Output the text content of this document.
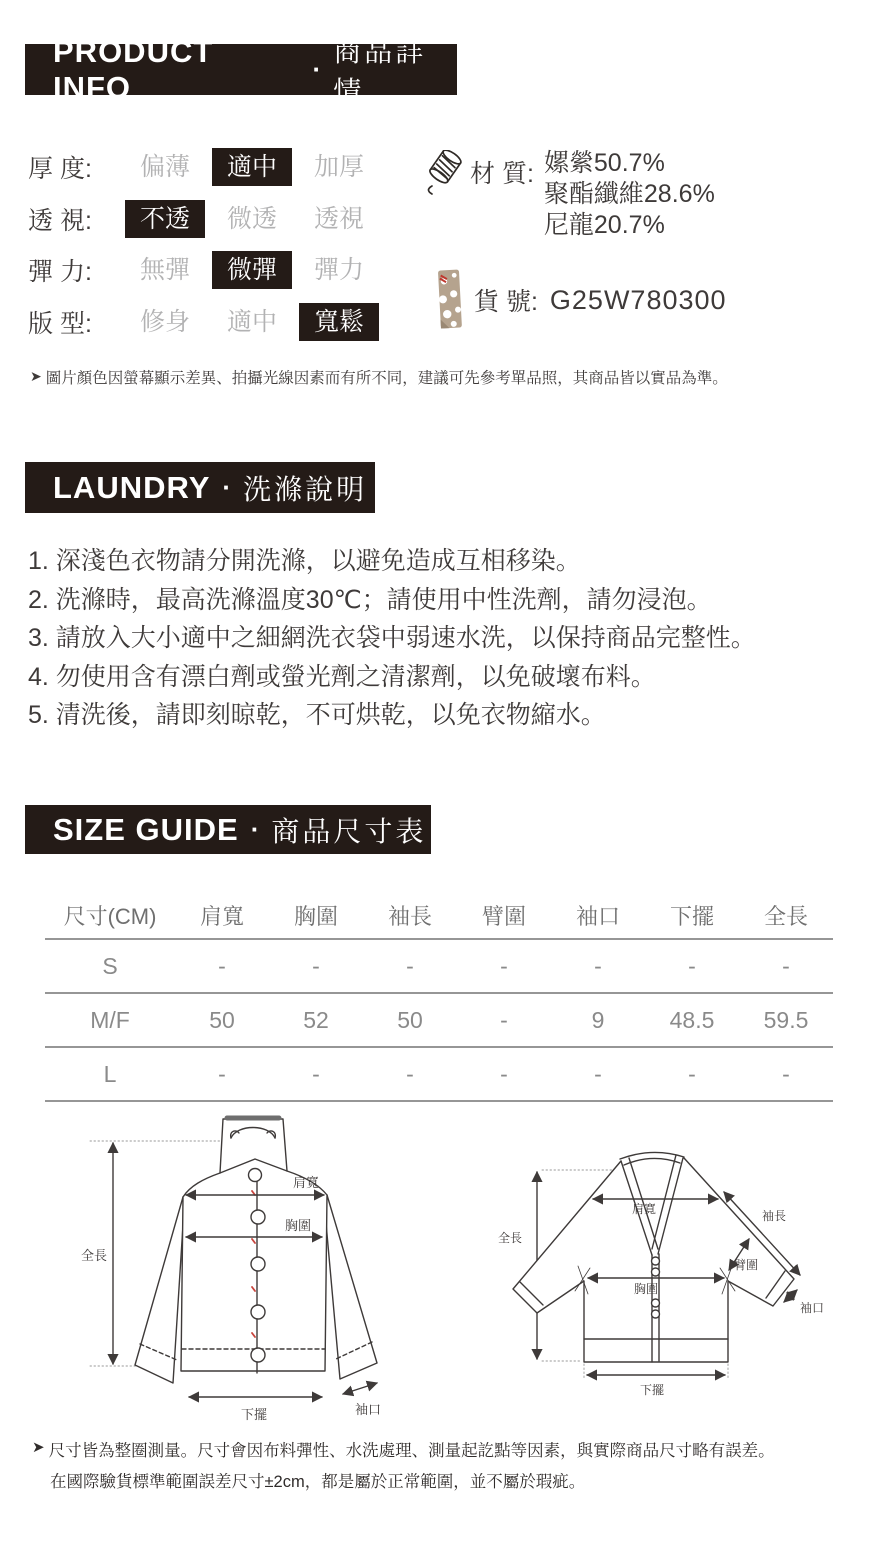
PRODUCT INFO
·
商品詳情
厚 度:	偏薄	適中	加厚
透 視:	不透	微透	透視
彈 力:	無彈	微彈	彈力
版 型:	修身	適中	寬鬆
材 質: 嫘縈50.7%
聚酯纖維28.6%
尼龍20.7%
貨 號: G25W780300
➤ 圖片顏色因螢幕顯示差異、拍攝光線因素而有所不同，建議可先參考單品照，其商品皆以實品為準。
LAUNDRY · 洗滌說明
1. 深淺色衣物請分開洗滌，以避免造成互相移染。
2. 洗滌時，最高洗滌溫度30℃；請使用中性洗劑，請勿浸泡。
3. 請放入大小適中之細網洗衣袋中弱速水洗，以保持商品完整性。
4. 勿使用含有漂白劑或螢光劑之清潔劑，以免破壞布料。
5. 清洗後，請即刻晾乾，不可烘乾，以免衣物縮水。
SIZE GUIDE · 商品尺寸表
尺寸(CM)	肩寬	胸圍	袖長	臂圍	袖口	下擺	全長
S	-	-	-	-	-	-	-
M/F	50	52	50	-	9	48.5	59.5
L	-	-	-	-	-	-	-
全長
肩寬
胸圍
下擺	袖口
全長
肩寬	袖長
臂圍
胸圍
袖口
下擺
➤ 尺寸皆為整圈測量。尺寸會因布料彈性、水洗處理、測量起訖點等因素，與實際商品尺寸略有誤差。
在國際驗貨標準範圍誤差尺寸±2cm，都是屬於正常範圍，並不屬於瑕疵。
